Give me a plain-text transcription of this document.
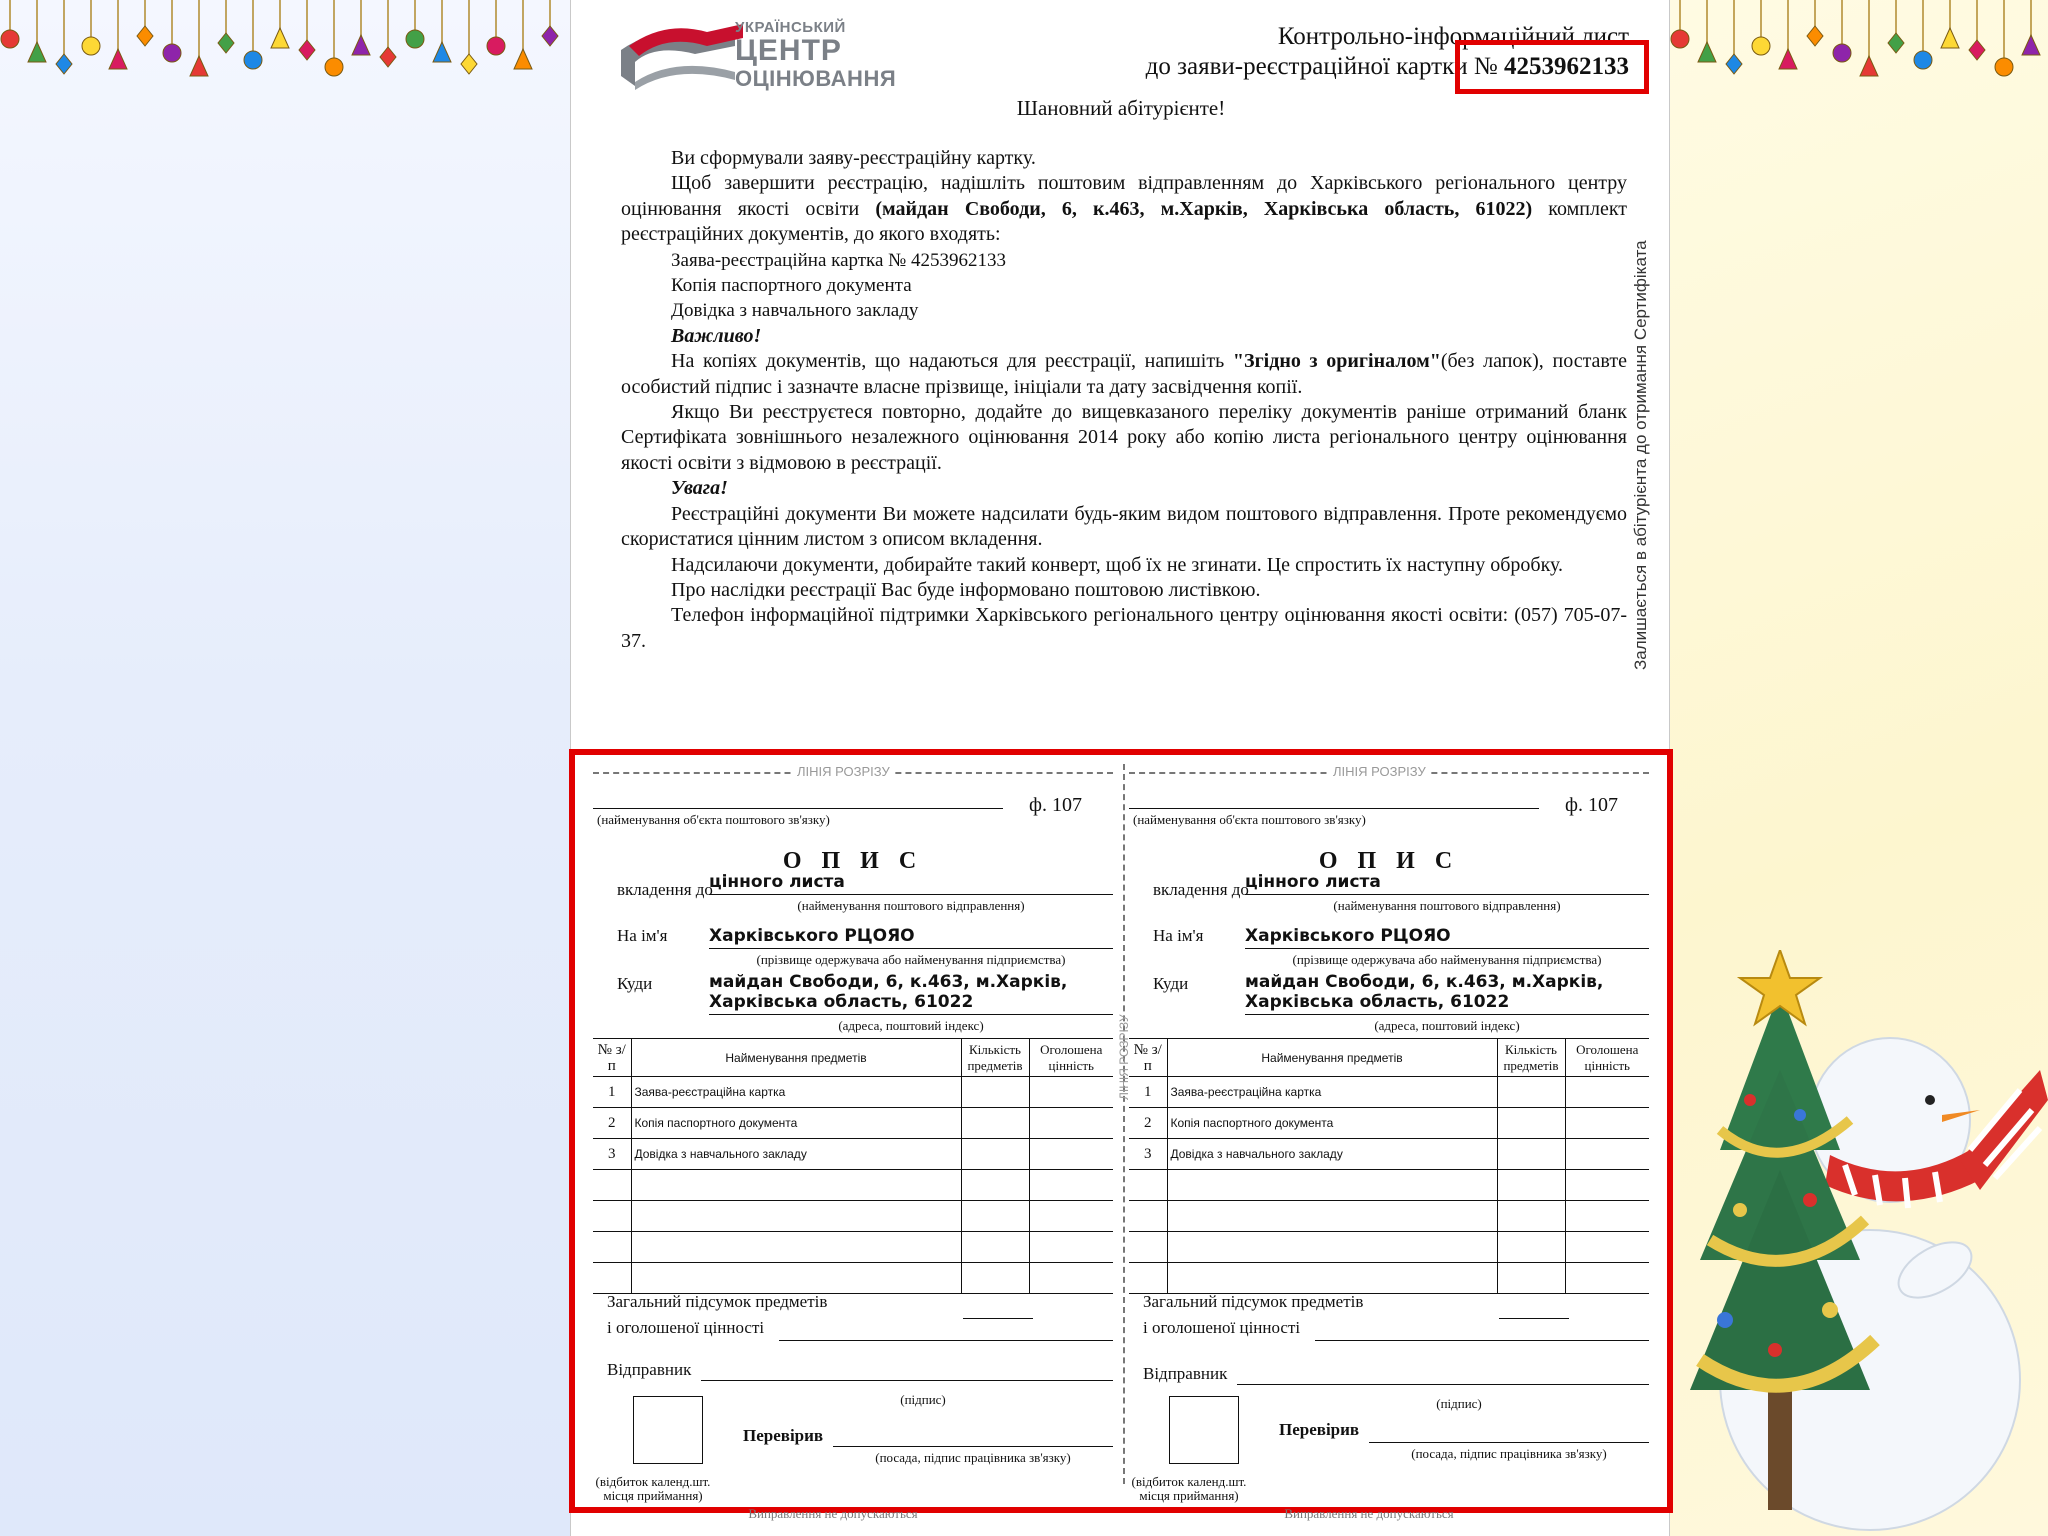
УКРАЇНСЬКИЙ
ЦЕНТР
ОЦІНЮВАННЯ
Контрольно-інформаційний лист
до заяви-реєстраційної картки № 4253962133
Шановний абітурієнте!

Ви сформували заяву-реєстраційну картку.

Щоб завершити реєстрацію, надішліть поштовим відправленням до Харківського регіонального центру оцінювання якості освіти (майдан Свободи, 6, к.463, м.Харків, Харківська область, 61022) комплект реєстраційних документів, до якого входять:

Заява-реєстраційна картка № 4253962133

Копія паспортного документа

Довідка з навчального закладу

Важливо!

На копіях документів, що надаються для реєстрації, напишіть "Згідно з оригіналом"(без лапок), поставте особистий підпис і зазначте власне прізвище, ініціали та дату засвідчення копії.

Якщо Ви реєструєтеся повторно, додайте до вищевказаного переліку документів раніше отриманий бланк Сертифіката зовнішнього незалежного оцінювання 2014 року або копію листа регіонального центру оцінювання якості освіти з відмовою в реєстрації.

Увага!

Реєстраційні документи Ви можете надсилати будь-яким видом поштового відправлення. Проте рекомендуємо скористатися цінним листом з описом вкладення.

Надсилаючи документи, добирайте такий конверт, щоб їх не згинати. Це спростить їх наступну обробку.

Про наслідки реєстрації Вас буде інформовано поштовою листівкою.

Телефон інформаційної підтримки Харківського регіонального центру оцінювання якості освіти: (057) 705-07-37.	Залишається в абітурієнта до отримання Сертифіката
ЛІНІЯ РОЗРІЗУ
ЛІНІЯ РОЗРІЗУ
ф. 107
(найменування об'єкта поштового зв'язку)
О П И С
вкладення до
цінного листа
(найменування поштового відправлення)
На ім'я Харківського РЦОЯО
(прізвище одержувача або найменування підприємства)
Куди	майдан Свободи, 6, к.463, м.Харків,
Харківська область, 61022
(адреса, поштовий індекс)
№ з/п	Найменування предметів	Кількість предметів	Оголошена цінність
1	Заява-реєстраційна картка		
2	Копія паспортного документа		
3	Довідка з навчального закладу		

Загальний підсумок предметів
і оголошеної цінності
Відправник
(підпис)
Перевірив
(посада, підпис працівника зв'язку)
(відбиток календ.шт.
місця приймання)
Виправлення не допускаються
ЛІНІЯ РОЗРІЗУ
ф. 107
(найменування об'єкта поштового зв'язку)
О П И С
вкладення до
цінного листа
(найменування поштового відправлення)
На ім'я Харківського РЦОЯО
(прізвище одержувача або найменування підприємства)
Куди	майдан Свободи, 6, к.463, м.Харків,
Харківська область, 61022
(адреса, поштовий індекс)
№ з/п	Найменування предметів	Кількість предметів	Оголошена цінність
1	Заява-реєстраційна картка		
2	Копія паспортного документа		
3	Довідка з навчального закладу		

Загальний підсумок предметів
і оголошеної цінності
Відправник
(підпис)
Перевірив
(посада, підпис працівника зв'язку)
(відбиток календ.шт.
місця приймання)
Виправлення не допускаються
